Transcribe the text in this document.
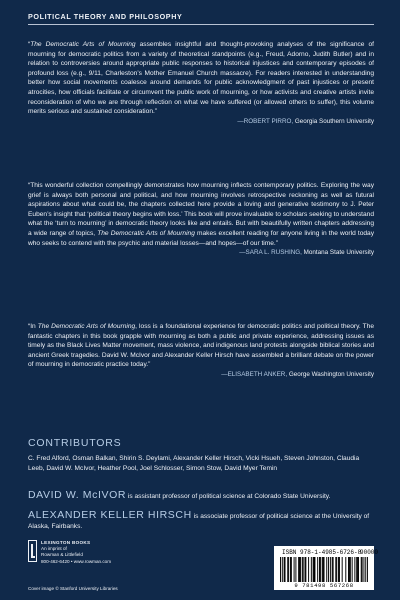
POLITICAL THEORY AND PHILOSOPHY

“The Democratic Arts of Mourning assembles insightful and thought-provoking analyses of the significance of mourning for democratic politics from a variety of theoretical standpoints (e.g., Freud, Adorno, Judith Butler) and in relation to controversies around appropriate public responses to historical injustices and contemporary episodes of profound loss (e.g., 9/11, Charleston’s Mother Emanuel Church massacre). For readers interested in understanding better how social movements coalesce around demands for public acknowledgment of past injustices or present atrocities, how officials facilitate or circumvent the public work of mourning, or how activists and creative artists invite reconsideration of who we are through reflection on what we have suffered (or allowed others to suffer), this volume merits serious and sustained consideration.”

—ROBERT PIRRO, Georgia Southern University

“This wonderful collection compellingly demonstrates how mourning inflects contemporary politics. Exploring the way grief is always both personal and political, and how mourning involves retrospective reckoning as well as futural aspirations about what could be, the chapters collected here provide a loving and generative testimony to J. Peter Euben’s insight that ‘political theory begins with loss.’ This book will prove invaluable to scholars seeking to understand what the ‘turn to mourning’ in democratic theory looks like and entails. But with beautifully written chapters addressing a wide range of topics, The Democratic Arts of Mourning makes excellent reading for anyone living in the world today who seeks to contend with the psychic and material losses—and hopes—of our time.”

—SARA L. RUSHING, Montana State University

“In The Democratic Arts of Mourning, loss is a foundational experience for democratic politics and political theory. The fantastic chapters in this book grapple with mourning as both a public and private experience, addressing issues as timely as the Black Lives Matter movement, mass violence, and indigenous land protests alongside biblical stories and ancient Greek tragedies. David W. McIvor and Alexander Keller Hirsch have assembled a brilliant debate on the power of mourning in democratic practice today.”

—ELISABETH ANKER, George Washington University
CONTRIBUTORS
C. Fred Alford, Osman Balkan, Shirin S. Deylami, Alexander Keller Hirsch, Vicki Hsueh, Steven Johnston, Claudia Leeb, David W. McIvor, Heather Pool, Joel Schlosser, Simon Stow, David Myer Temin
DAVID W. McIVOR is assistant professor of political science at Colorado State University.
ALEXANDER KELLER HIRSCH is associate professor of political science at the University of Alaska, Fairbanks.
LEXINGTON BOOKS
An imprint of
Rowman & Littlefield
800-462-6420 • www.rowman.com
Cover image © Stanford University Libraries
ISBN 978-1-4985-6726-8
90000
9 781498 567268
